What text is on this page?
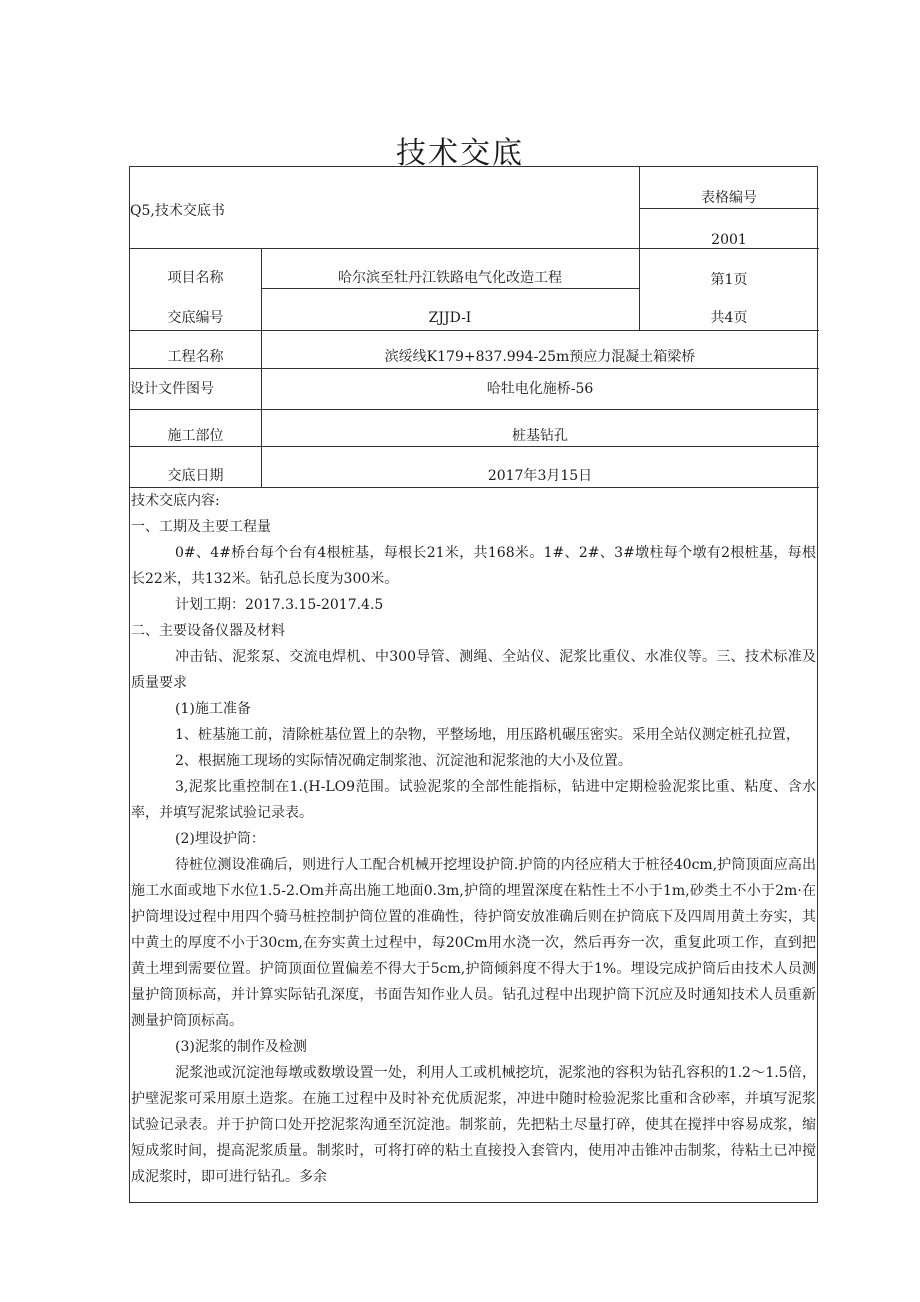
技术交底
Q5,技术交底书
表格编号
2001
项目名称
交底编号
工程名称
设计文件图号
施工部位
交底日期
哈尔滨至牡丹江铁路电气化改造工程	第1页
ZJJD-I	共4页
滨绥线K179+837.994-25m预应力混凝土箱梁桥
哈牡电化施桥-56
桩基钻孔
2017年3月15日

技术交底内容:

一、工期及主要工程量

0#、4#桥台每个台有4根桩基，每根长21米，共168米。1#、2#、3#墩柱每个墩有2根桩基，每根长22米，共132米。钻孔总长度为300米。

计划工期：2017.3.15-2017.4.5

二、主要设备仪器及材料

冲击钻、泥浆泵、交流电焊机、中300导管、测绳、全站仪、泥浆比重仪、水准仪等。三、技术标准及质量要求

(1)施工准备

1、桩基施工前，清除桩基位置上的杂物，平整场地，用压路机碾压密实。采用全站仪测定桩孔拉置，

2、根据施工现场的实际情况确定制浆池、沉淀池和泥浆池的大小及位置。

3,泥浆比重控制在1.(H-LO9范围。试验泥浆的全部性能指标，钻进中定期检验泥浆比重、粘度、含水率，并填写泥浆试验记录表。

(2)埋设护筒：

待桩位测设准确后，则进行人工配合机械开挖埋设护筒.护筒的内径应稍大于桩径40cm,护筒顶面应高出施工水面或地下水位1.5-2.Om并高出施工地面0.3m,护筒的埋置深度在粘性土不小于1m,砂类土不小于2m·在护筒埋设过程中用四个骑马桩控制护筒位置的准确性，待护筒安放准确后则在护筒底下及四周用黄土夯实，其中黄土的厚度不小于30cm,在夯实黄土过程中，每20Cm用水浇一次，然后再夯一次，重复此项工作，直到把黄土埋到需要位置。护筒顶面位置偏差不得大于5cm,护筒倾斜度不得大于1%。埋设完成护筒后由技术人员测量护筒顶标高，并计算实际钻孔深度，书面告知作业人员。钻孔过程中出现护筒下沉应及时通知技术人员重新测量护筒顶标高。

(3)泥浆的制作及检测

泥浆池或沉淀池每墩或数墩设置一处，利用人工或机械挖坑，泥浆池的容积为钻孔容积的1.2～1.5倍，护壁泥浆可采用原土造浆。在施工过程中及时补充优质泥浆，冲进中随时检验泥浆比重和含砂率，并填写泥浆试验记录表。并于护筒口处开挖泥浆沟通至沉淀池。制浆前，先把粘土尽量打碎，使其在搅拌中容易成浆，缩短成浆时间，提高泥浆质量。制浆时，可将打碎的粘土直接投入套管内，使用冲击锥冲击制浆，待粘土已冲搅成泥浆时，即可进行钻孔。多余
